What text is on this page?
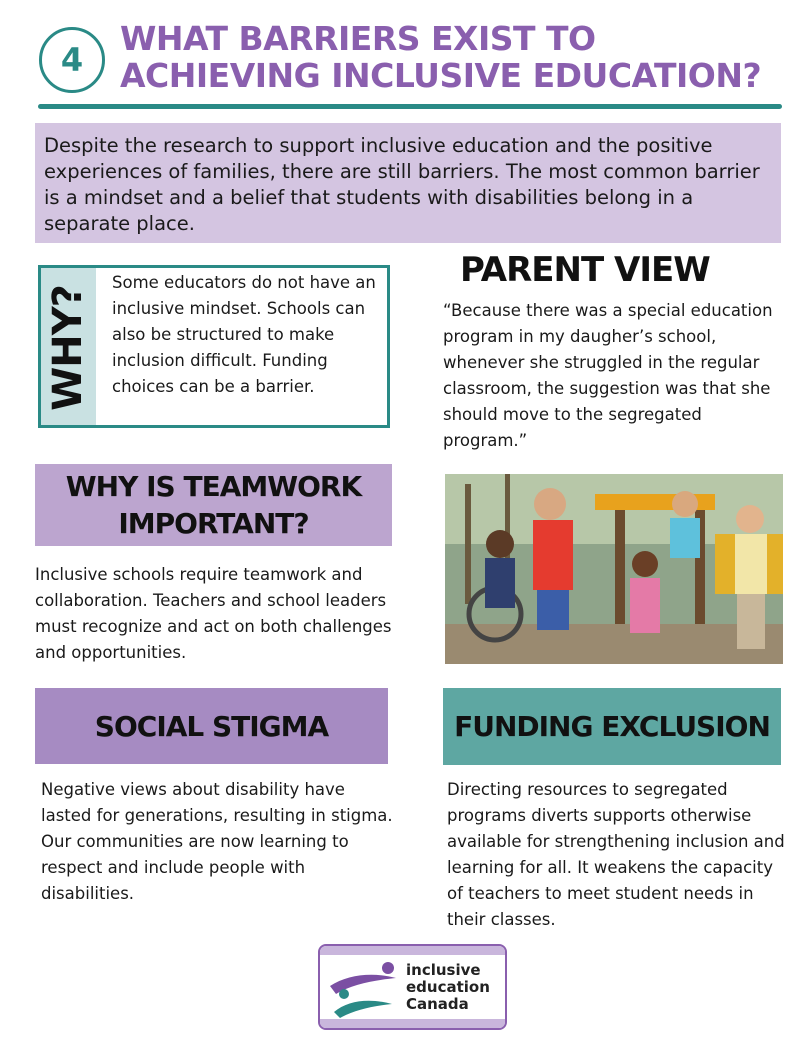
4
WHAT BARRIERS EXIST TO
ACHIEVING INCLUSIVE EDUCATION?
Despite the research to support inclusive education and the positive experiences of families, there are still barriers. The most common barrier is a mindset and a belief that students with disabilities belong in a separate place.
WHY?
Some educators do not have an inclusive mindset. Schools can also be structured to make inclusion difficult. Funding choices can be a barrier.
PARENT VIEW
“Because there was a special education program in my daugher’s school, whenever she struggled in the regular classroom, the suggestion was that she should move to the segregated program.”
WHY IS TEAMWORK
IMPORTANT?
Inclusive schools require teamwork and collaboration. Teachers and school leaders must recognize and act on both challenges and opportunities.
SOCIAL STIGMA
Negative views about disability have lasted for generations, resulting in stigma. Our communities are now learning to respect and include people with disabilities.
FUNDING EXCLUSION
Directing resources to segregated programs diverts supports otherwise available for strengthening inclusion and learning for all. It weakens the capacity of teachers to meet student needs in their classes.
inclusive
education
Canada
